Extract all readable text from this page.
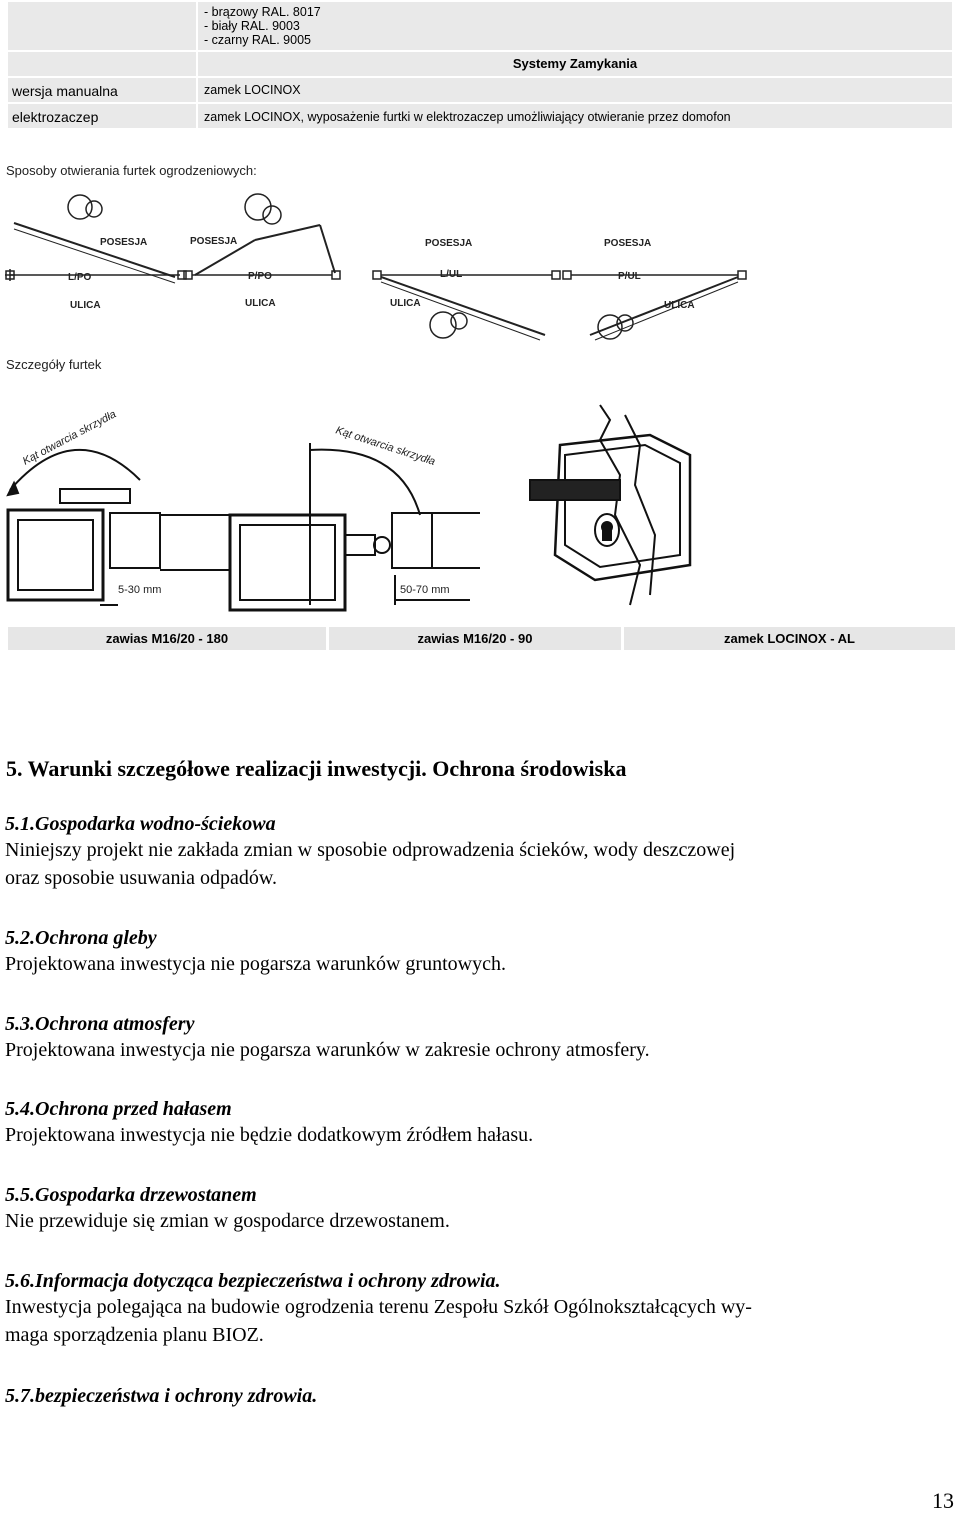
- brązowy RAL. 8017
- biały RAL. 9003
- czarny RAL. 9005
Systemy Zamykania
wersja manualna	zamek LOCINOX
elektrozaczep	zamek LOCINOX, wyposażenie furtki w elektrozaczep umożliwiający otwieranie przez domofon
Sposoby otwierania furtek ogrodzeniowych:
POSESJA
L/PO
ULICA
POSESJA
P/PO
ULICA
POSESJA
L/UL
ULICA
POSESJA
P/UL
ULICA
Szczegóły furtek
Kąt otwarcia skrzydła	Kąt otwarcia skrzydła
5-30 mm	50-70 mm
zawias M16/20 - 180	zawias M16/20 - 90	zamek LOCINOX - AL
5. Warunki szczegółowe realizacji inwestycji. Ochrona środowiska
5.1.Gospodarka wodno-ściekowa
Niniejszy projekt nie zakłada zmian w sposobie odprowadzenia ścieków, wody deszczowej
oraz sposobie usuwania odpadów.
5.2.Ochrona gleby
Projektowana inwestycja nie pogarsza warunków gruntowych.
5.3.Ochrona atmosfery
Projektowana inwestycja nie pogarsza warunków w zakresie ochrony atmosfery.
5.4.Ochrona przed hałasem
Projektowana inwestycja nie będzie dodatkowym źródłem hałasu.
5.5.Gospodarka drzewostanem
Nie przewiduje się zmian w gospodarce drzewostanem.
5.6.Informacja dotycząca bezpieczeństwa i ochrony zdrowia.
Inwestycja polegająca na budowie ogrodzenia terenu Zespołu Szkół Ogólnokształcących wy-
maga sporządzenia planu BIOZ.
5.7.bezpieczeństwa i ochrony zdrowia.
13
